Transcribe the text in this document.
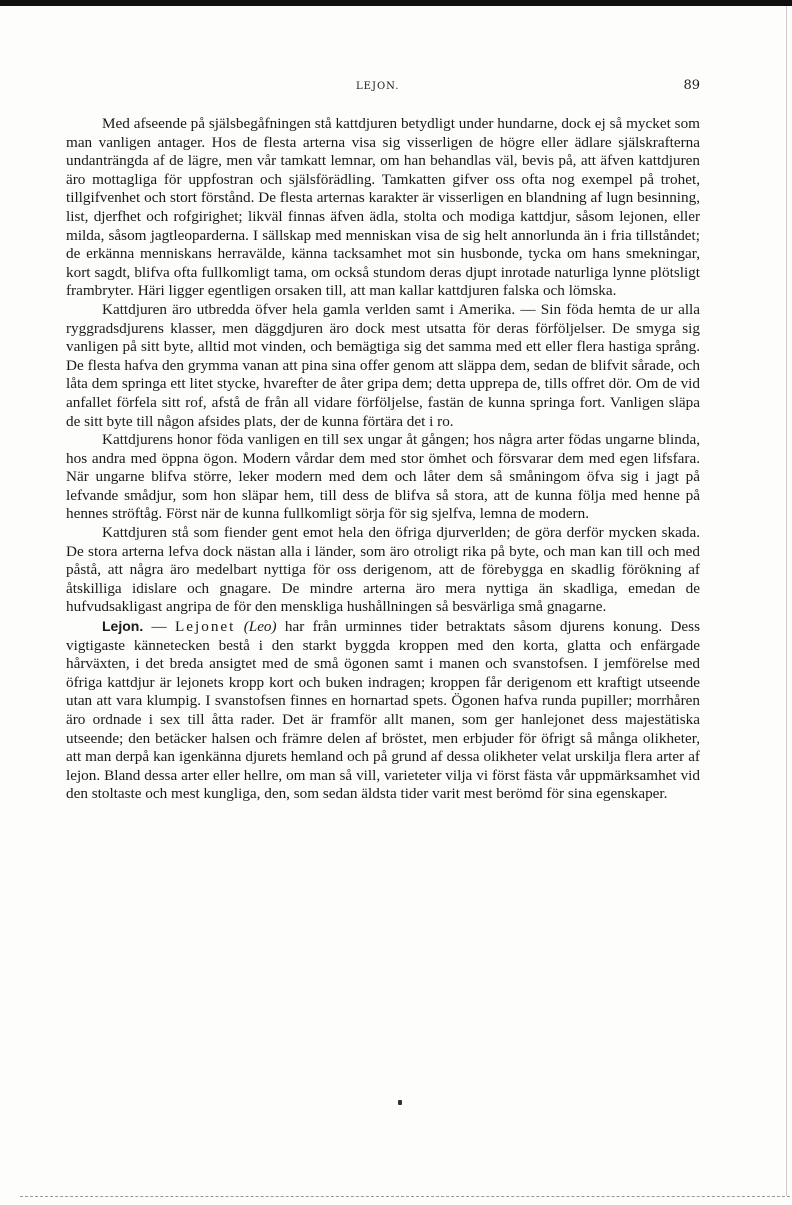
LEJON.	89

Med afseende på själsbegåfningen stå kattdjuren betydligt under hundarne, dock ej så mycket som man vanligen antager. Hos de flesta arterna visa sig visserligen de högre eller ädlare själskrafterna undanträngda af de lägre, men vår tamkatt lemnar, om han behandlas väl, bevis på, att äfven kattdjuren äro mottagliga för uppfostran och själsförädling. Tamkatten gifver oss ofta nog exempel på trohet, tillgifvenhet och stort förstånd. De flesta arternas karakter är visserligen en blandning af lugn besinning, list, djerfhet och rofgirighet; likväl finnas äfven ädla, stolta och modiga kattdjur, såsom lejonen, eller milda, såsom jagtleoparderna. I sällskap med menniskan visa de sig helt annorlunda än i fria tillståndet; de erkänna menniskans herravälde, känna tacksamhet mot sin husbonde, tycka om hans smekningar, kort sagdt, blifva ofta fullkomligt tama, om också stundom deras djupt inrotade naturliga lynne plötsligt frambryter. Häri ligger egentligen orsaken till, att man kallar kattdjuren falska och lömska.

Kattdjuren äro utbredda öfver hela gamla verlden samt i Amerika. — Sin föda hemta de ur alla ryggradsdjurens klasser, men däggdjuren äro dock mest utsatta för deras förföljelser. De smyga sig vanligen på sitt byte, alltid mot vinden, och bemägtiga sig det samma med ett eller flera hastiga språng. De flesta hafva den grymma vanan att pina sina offer genom att släppa dem, sedan de blifvit sårade, och låta dem springa ett litet stycke, hvarefter de åter gripa dem; detta upprepa de, tills offret dör. Om de vid anfallet förfela sitt rof, afstå de från all vidare förföljelse, fastän de kunna springa fort. Vanligen släpa de sitt byte till någon afsides plats, der de kunna förtära det i ro.

Kattdjurens honor föda vanligen en till sex ungar åt gången; hos några arter födas ungarne blinda, hos andra med öppna ögon. Modern vårdar dem med stor ömhet och försvarar dem med egen lifsfara. När ungarne blifva större, leker modern med dem och låter dem så småningom öfva sig i jagt på lefvande smådjur, som hon släpar hem, till dess de blifva så stora, att de kunna följa med henne på hennes ströftåg. Först när de kunna fullkomligt sörja för sig sjelfva, lemna de modern.

Kattdjuren stå som fiender gent emot hela den öfriga djurverlden; de göra derför mycken skada. De stora arterna lefva dock nästan alla i länder, som äro otroligt rika på byte, och man kan till och med påstå, att några äro medelbart nyttiga för oss derigenom, att de förebygga en skadlig förökning af åtskilliga idislare och gnagare. De mindre arterna äro mera nyttiga än skadliga, emedan de hufvudsakligast angripa de för den menskliga hushållningen så besvärliga små gnagarne.

Lejon. — Lejonet (Leo) har från urminnes tider betraktats såsom djurens konung. Dess vigtigaste kännetecken bestå i den starkt byggda kroppen med den korta, glatta och enfärgade hårväxten, i det breda ansigtet med de små ögonen samt i manen och svanstofsen. I jemförelse med öfriga kattdjur är lejonets kropp kort och buken indragen; kroppen får derigenom ett kraftigt utseende utan att vara klumpig. I svanstofsen finnes en hornartad spets. Ögonen hafva runda pupiller; morrhåren äro ordnade i sex till åtta rader. Det är framför allt manen, som ger hanlejonet dess majestätiska utseende; den betäcker halsen och främre delen af bröstet, men erbjuder för öfrigt så många olikheter, att man derpå kan igenkänna djurets hemland och på grund af dessa olikheter velat urskilja flera arter af lejon. Bland dessa arter eller hellre, om man så vill, varieteter vilja vi först fästa vår uppmärksamhet vid den stoltaste och mest kungliga, den, som sedan äldsta tider varit mest berömd för sina egenskaper.
